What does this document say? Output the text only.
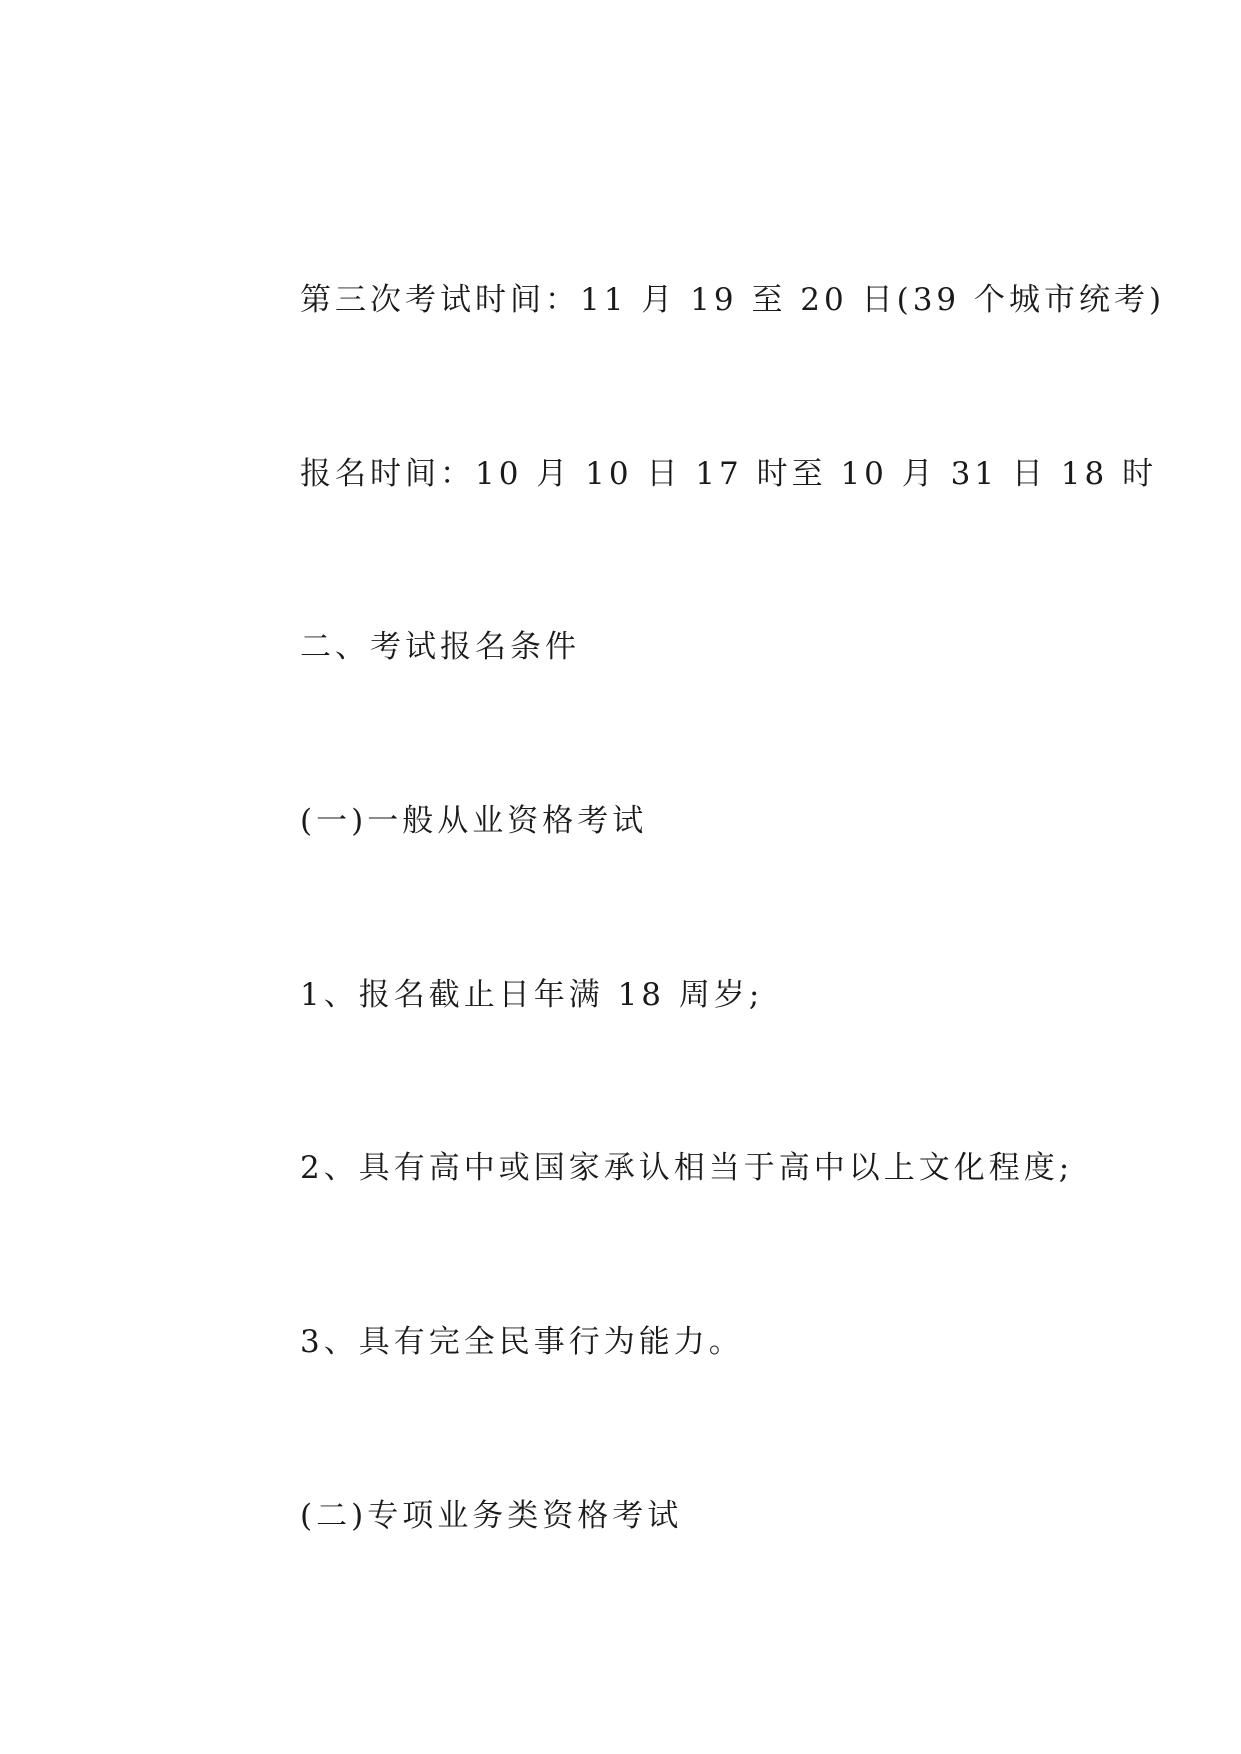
第三次考试时间：11 月 19 至 20 日(39 个城市统考)
报名时间：10 月 10 日 17 时至 10 月 31 日 18 时
二、考试报名条件
(一)一般从业资格考试
1、报名截止日年满 18 周岁;
2、具有高中或国家承认相当于高中以上文化程度;
3、具有完全民事行为能力。
(二)专项业务类资格考试
